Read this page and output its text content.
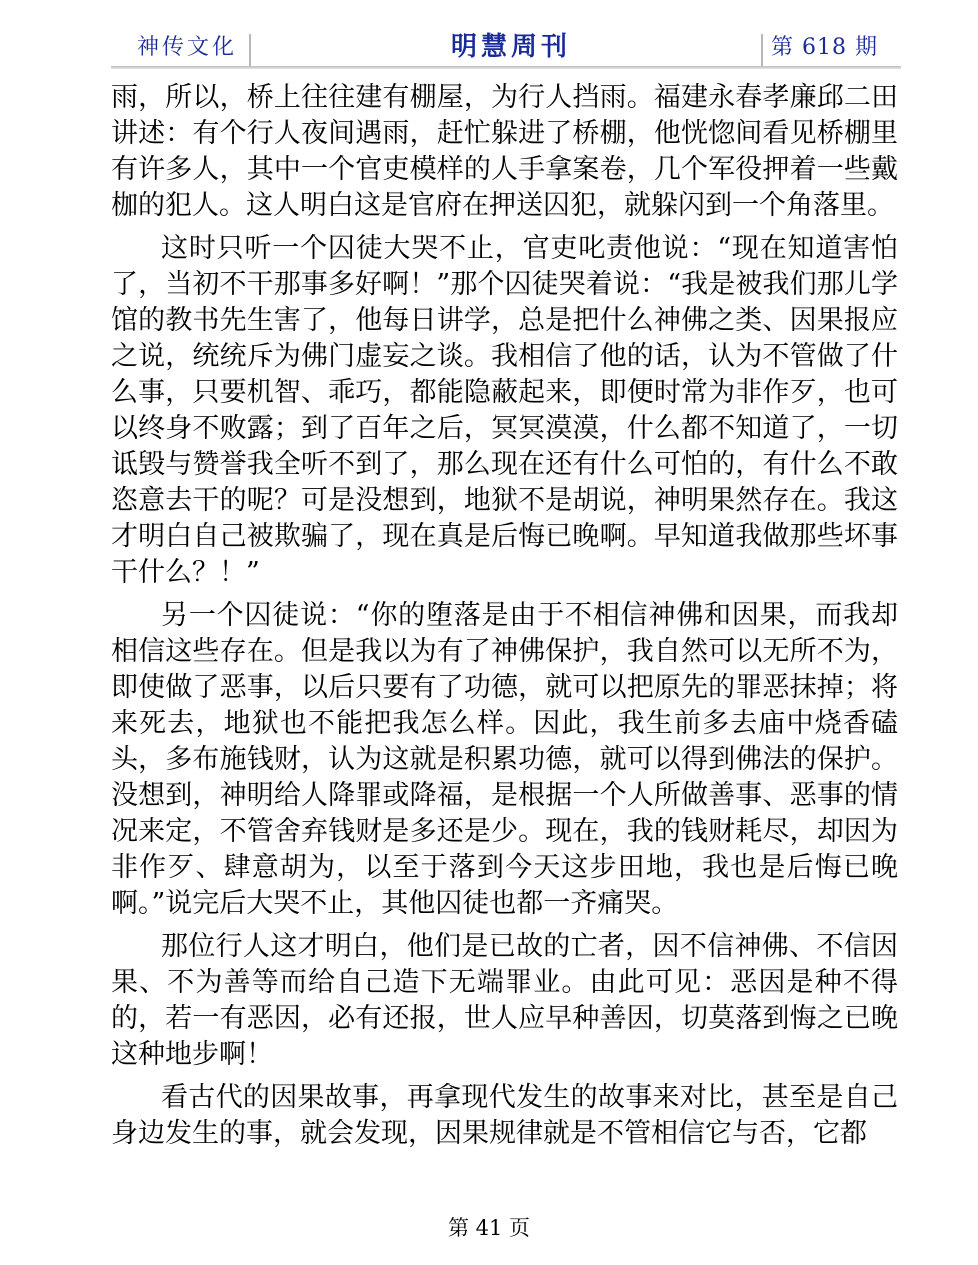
神传文化	明慧周刊	第 618 期

雨，所以，桥上往往建有棚屋，为行人挡雨。福建永春孝廉邱二田讲述：有个行人夜间遇雨，赶忙躲进了桥棚，他恍惚间看见桥棚里有许多人，其中一个官吏模样的人手拿案卷，几个军役押着一些戴枷的犯人。这人明白这是官府在押送囚犯，就躲闪到一个角落里。

这时只听一个囚徒大哭不止，官吏叱责他说：“现在知道害怕了，当初不干那事多好啊！”那个囚徒哭着说：“我是被我们那儿学馆的教书先生害了，他每日讲学，总是把什么神佛之类、因果报应之说，统统斥为佛门虚妄之谈。我相信了他的话，认为不管做了什么事，只要机智、乖巧，都能隐蔽起来，即便时常为非作歹，也可以终身不败露；到了百年之后，冥冥漠漠，什么都不知道了，一切诋毁与赞誉我全听不到了，那么现在还有什么可怕的，有什么不敢恣意去干的呢？可是没想到，地狱不是胡说，神明果然存在。我这才明白自己被欺骗了，现在真是后悔已晚啊。早知道我做那些坏事干什么？！”

另一个囚徒说：“你的堕落是由于不相信神佛和因果，而我却相信这些存在。但是我以为有了神佛保护，我自然可以无所不为，即使做了恶事，以后只要有了功德，就可以把原先的罪恶抹掉；将来死去，地狱也不能把我怎么样。因此，我生前多去庙中烧香磕头，多布施钱财，认为这就是积累功德，就可以得到佛法的保护。没想到，神明给人降罪或降福，是根据一个人所做善事、恶事的情况来定，不管舍弃钱财是多还是少。现在，我的钱财耗尽，却因为非作歹、肆意胡为，以至于落到今天这步田地，我也是后悔已晚啊。”说完后大哭不止，其他囚徒也都一齐痛哭。

那位行人这才明白，他们是已故的亡者，因不信神佛、不信因果、不为善等而给自己造下无端罪业。由此可见：恶因是种不得的，若一有恶因，必有还报，世人应早种善因，切莫落到悔之已晚这种地步啊！

看古代的因果故事，再拿现代发生的故事来对比，甚至是自己身边发生的事，就会发现，因果规律就是不管相信它与否，它都

第 41 页
